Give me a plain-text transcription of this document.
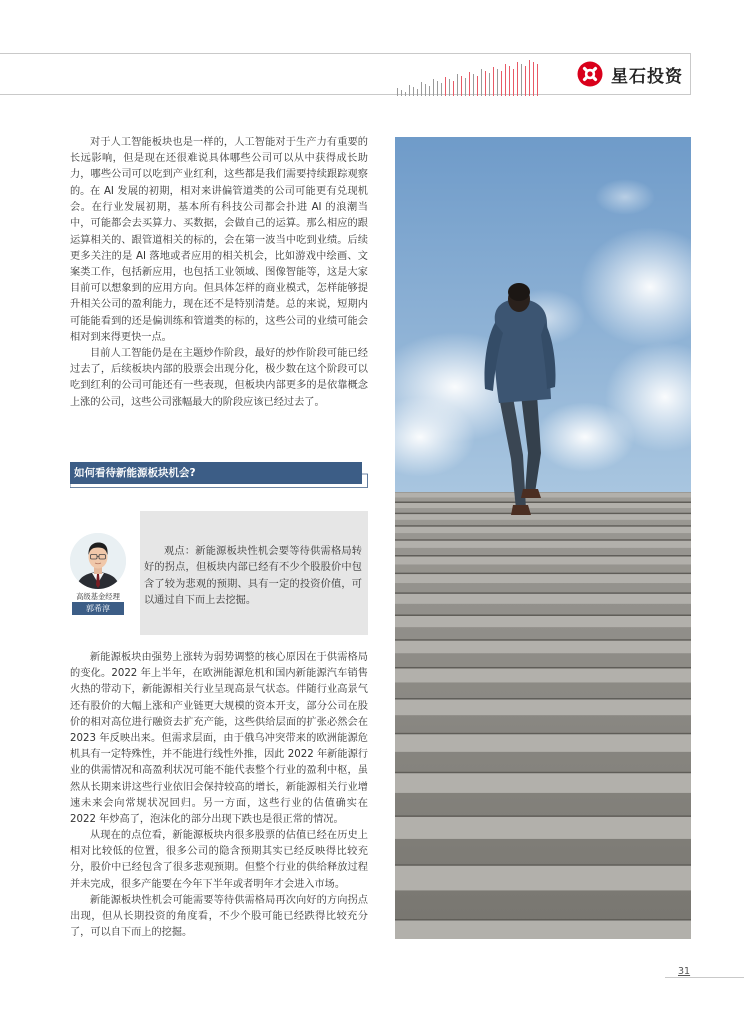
星石投资

对于人工智能板块也是一样的，人工智能对于生产力有重要的长远影响，但是现在还很难说具体哪些公司可以从中获得成长助力，哪些公司可以吃到产业红利，这些都是我们需要持续跟踪观察的。 在 AI 发展的初期，相对来讲偏管道类的公司可能更有兑现机会。在行业发展初期，基本所有科技公司都会扑进 AI 的浪潮当中，可能都会去买算力、买数据，会做自己的运算。那么相应的跟运算相关的、跟管道相关的标的，会在第一波当中吃到业绩。后续更多关注的是 AI 落地或者应用的相关机会，比如游戏中绘画、文案类工作，包括新应用，也包括工业领域、图像智能等，这是大家目前可以想象到的应用方向。但具体怎样的商业模式，怎样能够提升相关公司的盈利能力，现在还不是特别清楚。总的来说，短期内可能能看到的还是偏训练和管道类的标的，这些公司的业绩可能会相对到来得更快一点。

目前人工智能仍是在主题炒作阶段，最好的炒作阶段可能已经过去了，后续板块内部的股票会出现分化，极少数在这个阶段可以吃到红利的公司可能还有一些表现，但板块内部更多的是依靠概念上涨的公司，这些公司涨幅最大的阶段应该已经过去了。

如何看待新能源板块机会?
观点：新能源板块性机会要等待供需格局转好的拐点，但板块内部已经有不少个股股价中包含了较为悲观的预期、具有一定的投资价值，可以通过自下而上去挖掘。
高级基金经理
郭希淳

新能源板块由强势上涨转为弱势调整的核心原因在于供需格局的变化。2022 年上半年，在欧洲能源危机和国内新能源汽车销售火热的带动下，新能源相关行业呈现高景气状态。伴随行业高景气还有股价的大幅上涨和产业链更大规模的资本开支，部分公司在股价的相对高位进行融资去扩充产能，这些供给层面的扩张必然会在 2023 年反映出来。但需求层面，由于俄乌冲突带来的欧洲能源危机具有一定特殊性，并不能进行线性外推，因此 2022 年新能源行业的供需情况和高盈利状况可能不能代表整个行业的盈利中枢，虽然从长期来讲这些行业依旧会保持较高的增长，新能源相关行业增速未来会向常规状况回归。另一方面，这些行业的估值确实在 2022 年炒高了，泡沫化的部分出现下跌也是很正常的情况。

从现在的点位看，新能源板块内很多股票的估值已经在历史上相对比较低的位置，很多公司的隐含预期其实已经反映得比较充分，股价中已经包含了很多悲观预期。但整个行业的供给释放过程并未完成，很多产能要在今年下半年或者明年才会进入市场。

新能源板块性机会可能需要等待供需格局再次向好的方向拐点出现，但从长期投资的角度看，不少个股可能已经跌得比较充分了，可以自下而上的挖掘。

31
